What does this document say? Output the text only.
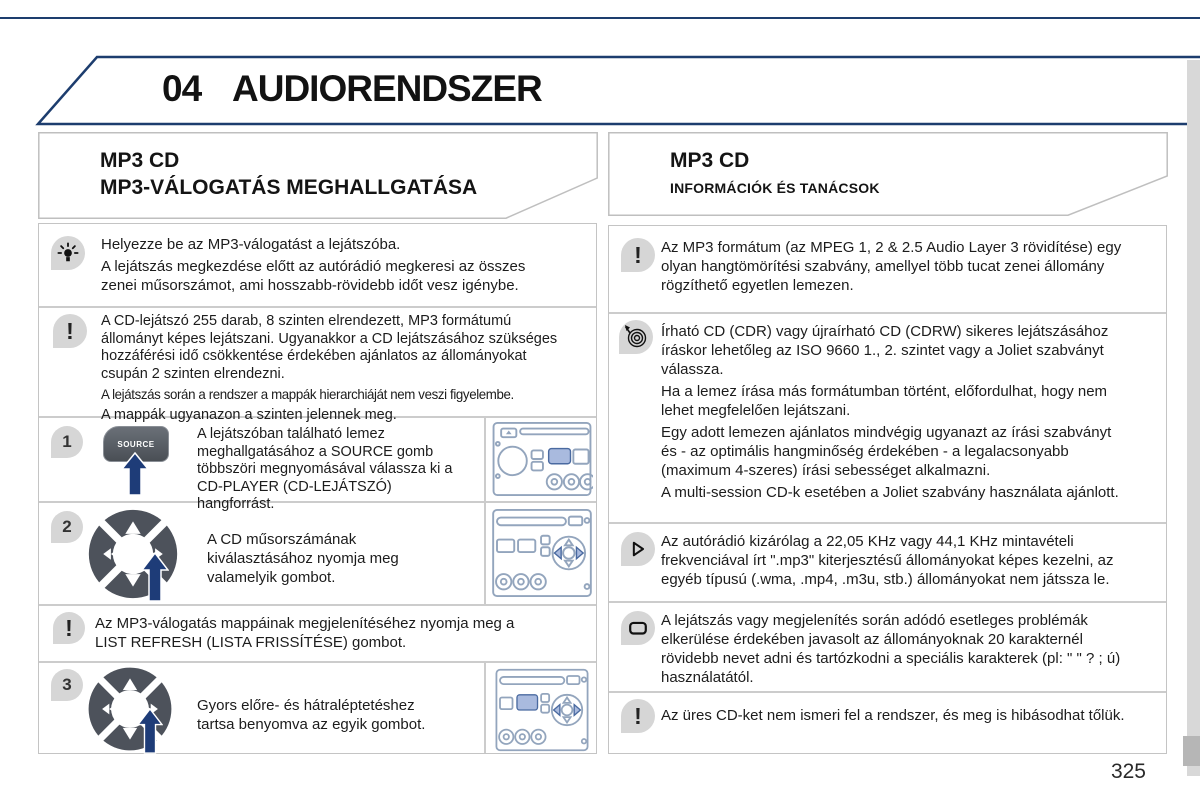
04 AUDIORENDSZER
325
MP3 CD
MP3-VÁLOGATÁS MEGHALLGATÁSA

Helyezze be az MP3-válogatást a lejátszóba.

A lejátszás megkezdése előtt az autórádió megkeresi az összes zenei műsorszámot, ami hosszabb-rövidebb időt vesz igénybe.

! A CD-lejátszó 255 darab, 8 szinten elrendezett, MP3 formátumú állományt képes lejátszani. Ugyanakkor a CD lejátszásához szükséges hozzáférési idő csökkentése érdekében ajánlatos az állományokat csupán 2 szinten elrendezni.

A lejátszás során a rendszer a mappák hierarchiáját nem veszi figyelembe.

A mappák ugyanazon a szinten jelennek meg.

1	SOURCE

A lejátszóban található lemez meghallgatásához a SOURCE gomb többszöri megnyomásával válassza ki a CD-PLAYER (CD-LEJÁTSZÓ) hangforrást.

2

A CD műsorszámának kiválasztásához nyomja meg valamelyik gombot.

! Az MP3-válogatás mappáinak megjelenítéséhez nyomja meg a LIST REFRESH (LISTA FRISSÍTÉSE) gombot.

3

Gyors előre- és hátraléptetéshez tartsa benyomva az egyik gombot.

MP3 CD
INFORMÁCIÓK ÉS TANÁCSOK
! Az MP3 formátum (az MPEG 1, 2 & 2.5 Audio Layer 3 rövidítése) egy olyan hangtömörítési szabvány, amellyel több tucat zenei állomány rögzíthető egyetlen lemezen.

Írható CD (CDR) vagy újraírható CD (CDRW) sikeres lejátszásához íráskor lehetőleg az ISO 9660 1., 2. szintet vagy a Joliet szabványt válassza.

Ha a lemez írása más formátumban történt, előfordulhat, hogy nem lehet megfelelően lejátszani.

Egy adott lemezen ajánlatos mindvégig ugyanazt az írási szabványt és - az optimális hangminőség érdekében - a legalacsonyabb (maximum 4-szeres) írási sebességet alkalmazni.

A multi-session CD-k esetében a Joliet szabvány használata ajánlott.

Az autórádió kizárólag a 22,05 KHz vagy 44,1 KHz mintavételi frekvenciával írt ".mp3" kiterjesztésű állományokat képes kezelni, az egyéb típusú (.wma, .mp4, .m3u, stb.) állományokat nem játssza le.

A lejátszás vagy megjelenítés során adódó esetleges problémák elkerülése érdekében javasolt az állományoknak 20 karakternél rövidebb nevet adni és tartózkodni a speciális karakterek (pl: " " ? ; ú) használatától.

! Az üres CD-ket nem ismeri fel a rendszer, és meg is hibásodhat tőlük.
